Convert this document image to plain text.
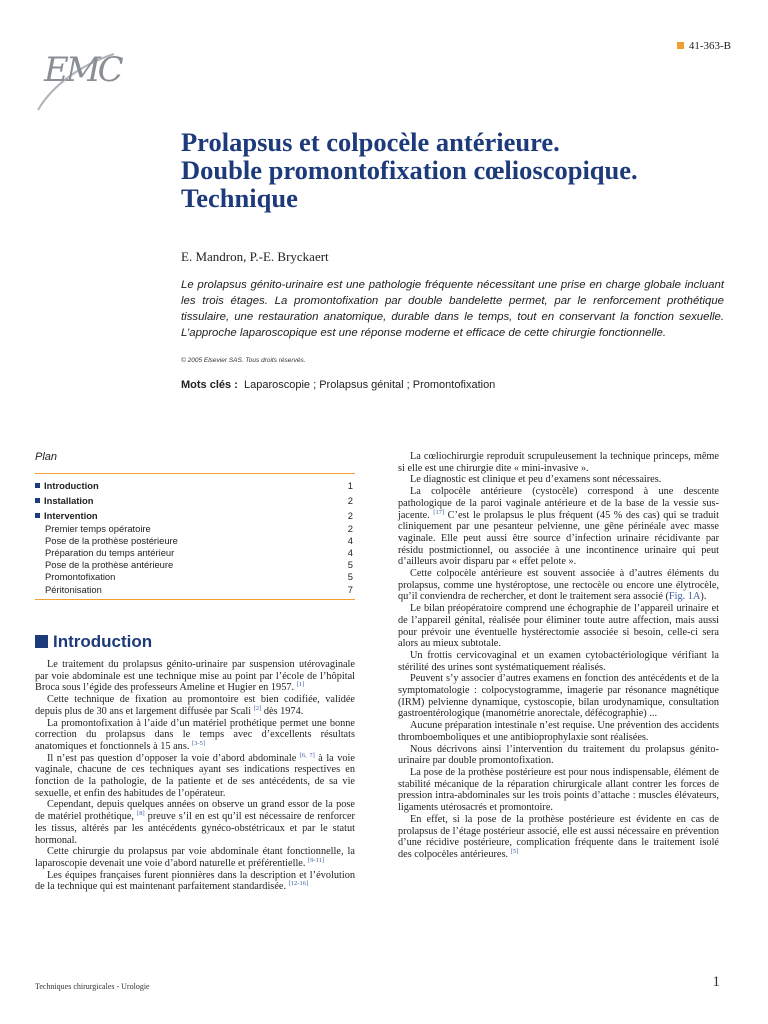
EMC
41-363-B
Prolapsus et colpocèle antérieure.
Double promontofixation cœlioscopique.
Technique
E. Mandron, P.-E. Bryckaert
Le prolapsus génito-urinaire est une pathologie fréquente nécessitant une prise en charge globale incluant les trois étages. La promontofixation par double bandelette permet, par le renforcement prothétique tissulaire, une restauration anatomique, durable dans le temps, tout en conservant la fonction sexuelle. L’approche laparoscopique est une réponse moderne et efficace de cette chirurgie fonctionnelle.
© 2005 Elsevier SAS. Tous droits réservés.
Mots clés : Laparoscopie ; Prolapsus génital ; Promontofixation
Plan
Introduction	1
Installation	2
Intervention	2
Premier temps opératoire	2
Pose de la prothèse postérieure	4
Préparation du temps antérieur	4
Pose de la prothèse antérieure	5
Promontofixation	5
Péritonisation	7
Introduction

Le traitement du prolapsus génito-urinaire par suspension utérovaginale par voie abdominale est une technique mise au point par l’école de l’hôpital Broca sous l’égide des professeurs Ameline et Hugier en 1957. [1]

Cette technique de fixation au promontoire est bien codifiée, validée depuis plus de 30 ans et largement diffusée par Scali [2] dès 1974.

La promontofixation à l’aide d’un matériel prothétique permet une bonne correction du prolapsus dans le temps avec d’excellents résultats anatomiques et fonctionnels à 15 ans. [3-5]

Il n’est pas question d’opposer la voie d’abord abdominale [6, 7] à la voie vaginale, chacune de ces techniques ayant ses indications respectives en fonction de la pathologie, de la patiente et de ses antécédents, de sa vie sexuelle, et enfin des habitudes de l’opérateur.

Cependant, depuis quelques années on observe un grand essor de la pose de matériel prothétique, [8] preuve s’il en est qu’il est nécessaire de renforcer les tissus, altérés par les antécédents gynéco-obstétricaux et par le statut hormonal.

Cette chirurgie du prolapsus par voie abdominale étant fonctionnelle, la laparoscopie devenait une voie d’abord naturelle et préférentielle. [9-11]

Les équipes françaises furent pionnières dans la description et l’évolution de la technique qui est maintenant parfaitement standardisée. [12-16]

La cœliochirurgie reproduit scrupuleusement la technique princeps, même si elle est une chirurgie dite « mini-invasive ».

Le diagnostic est clinique et peu d’examens sont nécessaires.

La colpocèle antérieure (cystocèle) correspond à une descente pathologique de la paroi vaginale antérieure et de la base de la vessie sus-jacente. [17] C’est le prolapsus le plus fréquent (45 % des cas) qui se traduit cliniquement par une pesanteur pelvienne, une gêne périnéale avec masse vaginale. Elle peut aussi être source d’infection urinaire récidivante par résidu postmictionnel, ou associée à une incontinence urinaire qui peut d’ailleurs avoir disparu par « effet pelote ».

Cette colpocèle antérieure est souvent associée à d’autres éléments du prolapsus, comme une hystéroptose, une rectocèle ou encore une élytrocèle, qu’il conviendra de rechercher, et dont le traitement sera associé (Fig. 1A).

Le bilan préopératoire comprend une échographie de l’appareil urinaire et de l’appareil génital, réalisée pour éliminer toute autre affection, mais aussi pour prévoir une éventuelle hystérectomie associée si besoin, celle-ci sera alors au mieux subtotale.

Un frottis cervicovaginal et un examen cytobactériologique vérifiant la stérilité des urines sont systématiquement réalisés.

Peuvent s’y associer d’autres examens en fonction des antécédents et de la symptomatologie : colpocystogramme, imagerie par résonance magnétique (IRM) pelvienne dynamique, cystoscopie, bilan urodynamique, consultation gastroentérologique (manométrie anorectale, défécographie) ...

Aucune préparation intestinale n’est requise. Une prévention des accidents thromboemboliques et une antibioprophylaxie sont réalisées.

Nous décrivons ainsi l’intervention du traitement du prolapsus génito-urinaire par double promontofixation.

La pose de la prothèse postérieure est pour nous indispensable, élément de stabilité mécanique de la réparation chirurgicale allant contrer les forces de pression intra-abdominales sur les trois points d’attache : muscles élévateurs, ligaments utérosacrés et promontoire.

En effet, si la pose de la prothèse postérieure est évidente en cas de prolapsus de l’étage postérieur associé, elle est aussi nécessaire en prévention d’une récidive postérieure, complication fréquente dans le traitement isolé des colpocèles antérieures. [5]

Techniques chirurgicales - Urologie	1
